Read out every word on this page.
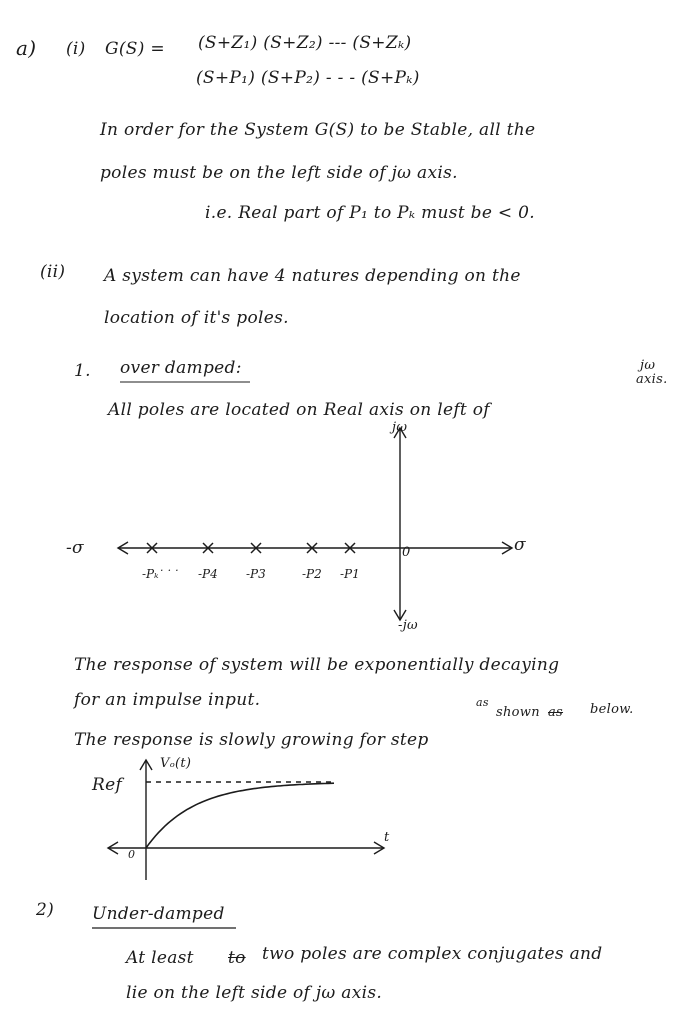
a) (i) G(S) = (S+Z₁) (S+Z₂) --- (S+Zₖ)
(S+P₁) (S+P₂) - - - (S+Pₖ)
In order for the System G(S) to be Stable, all the
poles must be on the left side of jω axis.
i.e. Real part of P₁ to Pₖ must be < 0.
(ii) A system can have 4 natures depending on the
location of it's poles.
1. over damped:
All poles are located on Real axis on left of
jω
axis.
-Pₖ	-P4 -P3	-P2 -P1
jω
-jω
σ
-σ	0
· · ·
The response of system will be exponentially decaying
for an impulse input.
The response is slowly growing for step
as
shown as below.
Vₒ(t)
Ref
0
t
2) Under-damped
At least to two poles are complex conjugates and
lie on the left side of jω axis.
